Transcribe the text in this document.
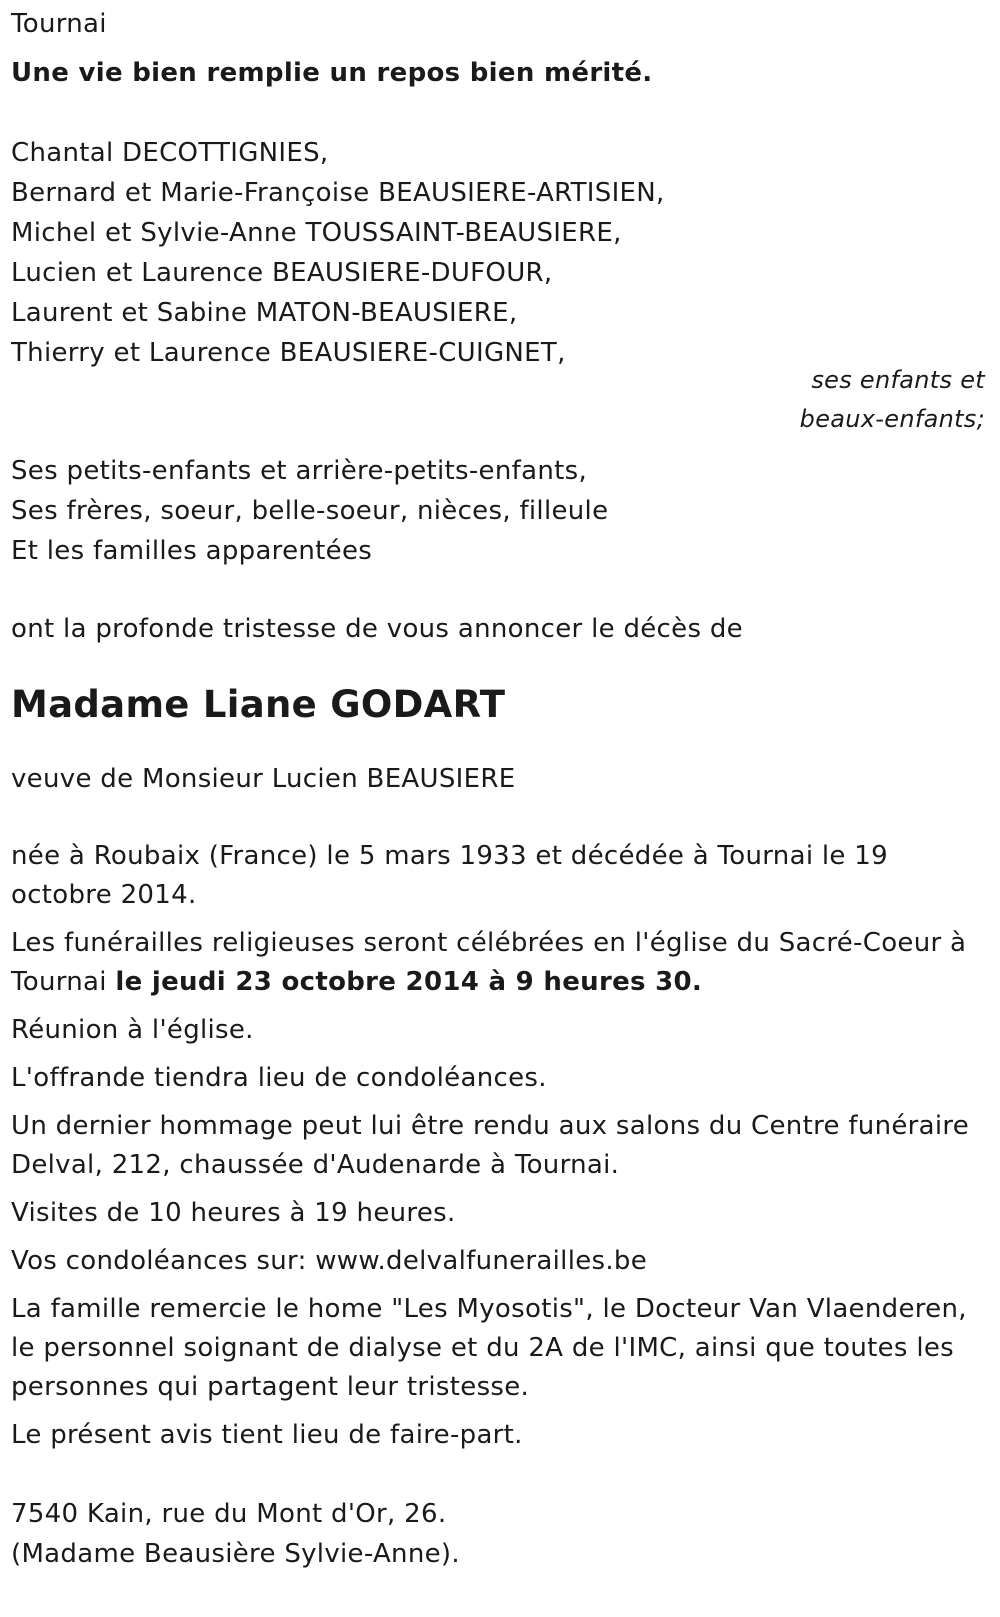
Tournai
Une vie bien remplie un repos bien mérité.
Chantal DECOTTIGNIES,
Bernard et Marie-Françoise BEAUSIERE-ARTISIEN,
Michel et Sylvie-Anne TOUSSAINT-BEAUSIERE,
Lucien et Laurence BEAUSIERE-DUFOUR,
Laurent et Sabine MATON-BEAUSIERE,
Thierry et Laurence BEAUSIERE-CUIGNET,
Ses petits-enfants et arrière-petits-enfants,
Ses frères, soeur, belle-soeur, nièces, filleule
Et les familles apparentées
ont la profonde tristesse de vous annoncer le décès de
Madame Liane GODART
veuve de Monsieur Lucien BEAUSIERE

née à Roubaix (France) le 5 mars 1933 et décédée à Tournai le 19 octobre 2014.

Les funérailles religieuses seront célébrées en l'église du Sacré-Coeur à Tournai le jeudi 23 octobre 2014 à 9 heures 30.

Réunion à l'église.

L'offrande tiendra lieu de condoléances.

Un dernier hommage peut lui être rendu aux salons du Centre funéraire Delval, 212, chaussée d'Audenarde à Tournai.

Visites de 10 heures à 19 heures.

Vos condoléances sur: www.delvalfunerailles.be

La famille remercie le home "Les Myosotis", le Docteur Van Vlaenderen, le personnel soignant de dialyse et du 2A de l'IMC, ainsi que toutes les personnes qui partagent leur tristesse.

Le présent avis tient lieu de faire-part.

7540 Kain, rue du Mont d'Or, 26.
(Madame Beausière Sylvie-Anne).
ses enfants et
beaux-enfants;
